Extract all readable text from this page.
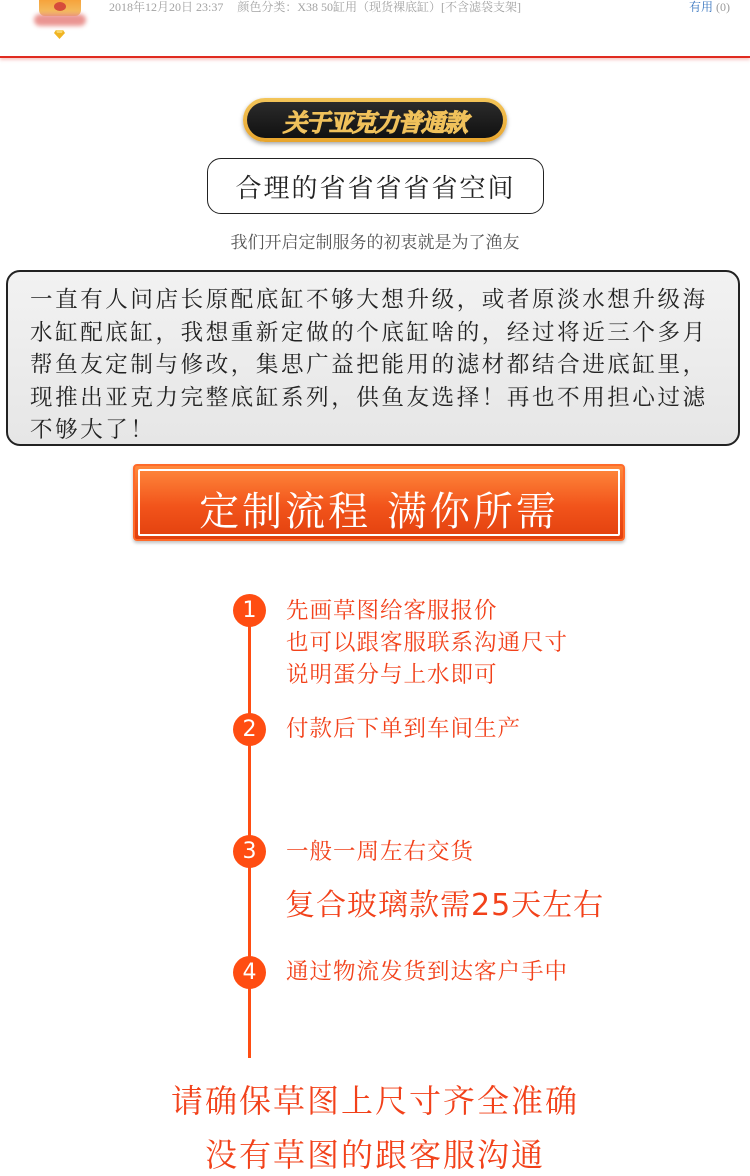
2018年12月20日 23:37 颜色分类：X38 50缸用（现货裸底缸）[不含滤袋支架]	有用 (0)
关于亚克力普通款
合理的省省省省省空间
我们开启定制服务的初衷就是为了渔友
一直有人问店长原配底缸不够大想升级，或者原淡水想升级海水缸配底缸，我想重新定做的个底缸啥的，经过将近三个多月帮鱼友定制与修改，集思广益把能用的滤材都结合进底缸里，现推出亚克力完整底缸系列，供鱼友选择！再也不用担心过滤不够大了！
定制流程 满你所需
1	先画草图给客服报价
也可以跟客服联系沟通尺寸
说明蛋分与上水即可
2	付款后下单到车间生产
3	一般一周左右交货
复合玻璃款需25天左右
4	通过物流发货到达客户手中
请确保草图上尺寸齐全准确
没有草图的跟客服沟通
